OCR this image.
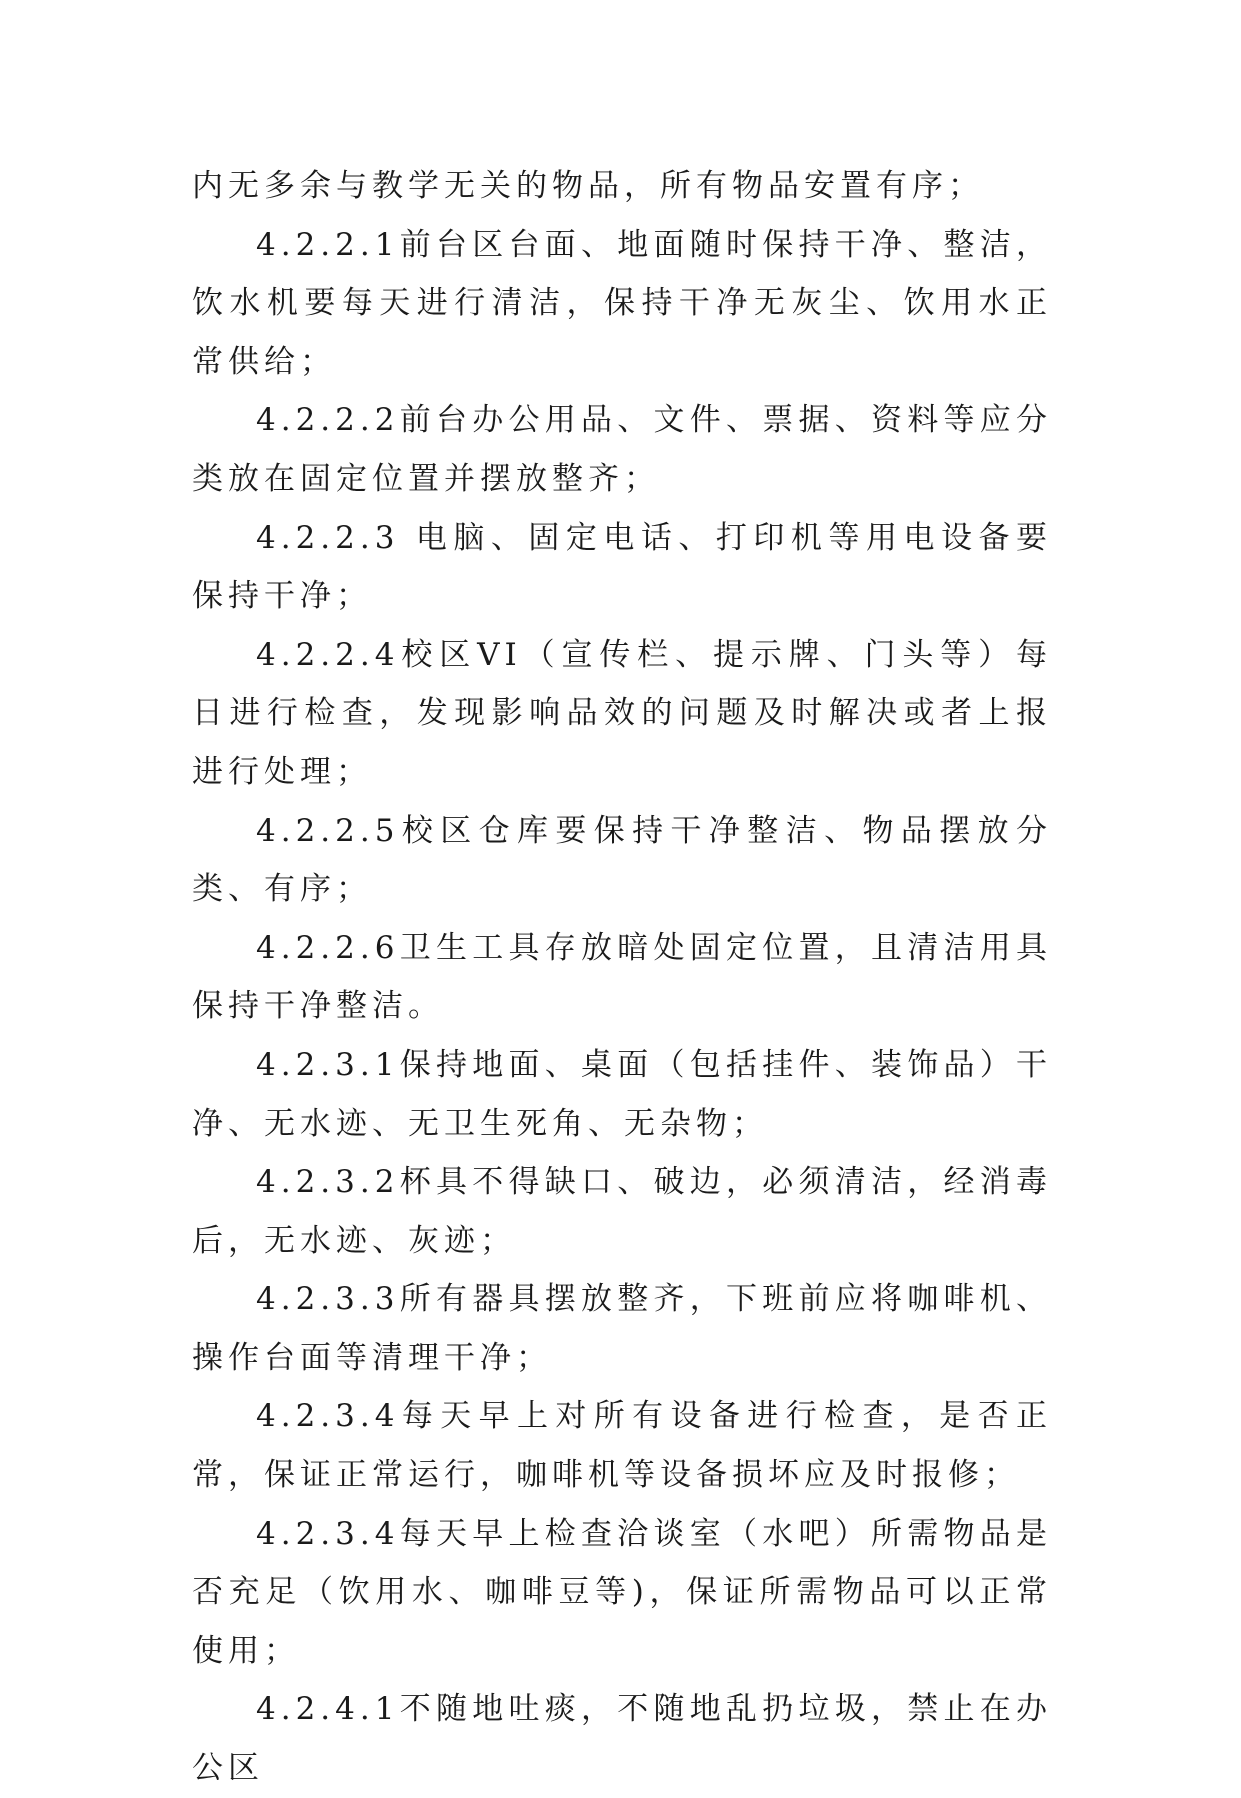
内无多余与教学无关的物品，所有物品安置有序；

4.2.2.1前台区台面、地面随时保持干净、整洁，饮水机要每天进行清洁，保持干净无灰尘、饮用水正常供给；

4.2.2.2前台办公用品、文件、票据、资料等应分类放在固定位置并摆放整齐；

4.2.2.3 电脑、固定电话、打印机等用电设备要保持干净；

4.2.2.4校区VI（宣传栏、提示牌、门头等）每日进行检查，发现影响品效的问题及时解决或者上报进行处理；

4.2.2.5校区仓库要保持干净整洁、物品摆放分类、有序；

4.2.2.6卫生工具存放暗处固定位置，且清洁用具保持干净整洁。

4.2.3.1保持地面、桌面（包括挂件、装饰品）干净、无水迹、无卫生死角、无杂物；

4.2.3.2杯具不得缺口、破边，必须清洁，经消毒后，无水迹、灰迹；

4.2.3.3所有器具摆放整齐，下班前应将咖啡机、操作台面等清理干净；

4.2.3.4每天早上对所有设备进行检查，是否正常，保证正常运行，咖啡机等设备损坏应及时报修；

4.2.3.4每天早上检查洽谈室（水吧）所需物品是否充足（饮用水、咖啡豆等)，保证所需物品可以正常使用；

4.2.4.1不随地吐痰，不随地乱扔垃圾，禁止在办公区
